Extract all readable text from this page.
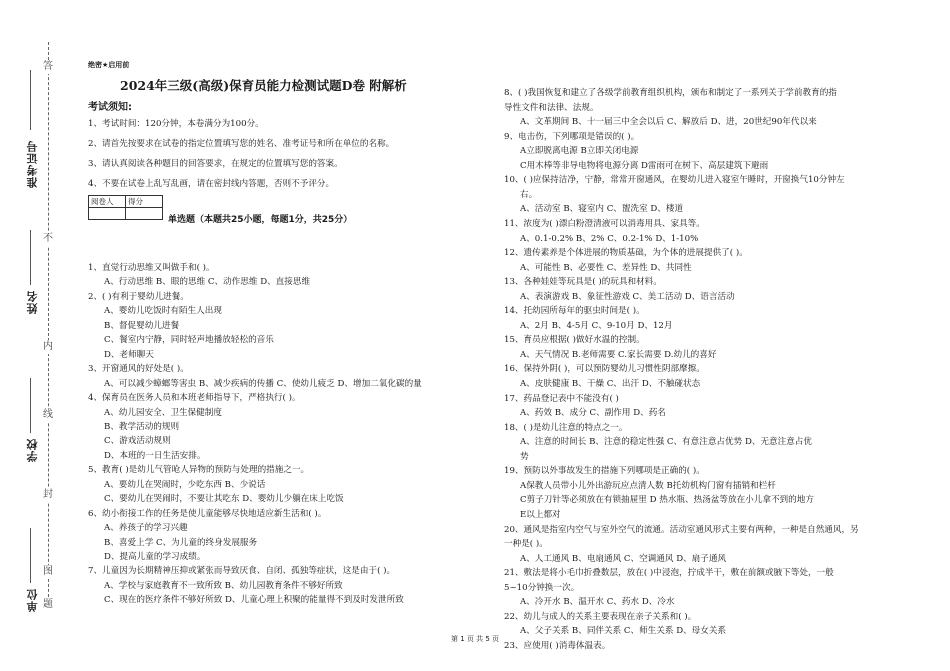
答
不
内
线
封
图
题
准考证号
姓名
学校
单位
绝密★启用前
2024年三级(高级)保育员能力检测试题D卷 附解析
考试须知:
1、考试时间：120分钟，本卷满分为100分。
2、请首先按要求在试卷的指定位置填写您的姓名、准考证号和所在单位的名称。
3、请认真阅读各种题目的回答要求，在规定的位置填写您的答案。
4、不要在试卷上乱写乱画，请在密封线内答题，否则不予评分。
阅卷人	得分

单选题（本题共25小题，每题1分，共25分）
1、直觉行动思维又叫做手和( )。
A、行动思维 B、眼的思维 C、动作思维 D、直接思维
2、( )有利于婴幼儿进餐。
A、婴幼儿吃饭时有陌生人出现
B、督促婴幼儿进餐
C、餐室内宁静，同时轻声地播放轻松的音乐
D、老师聊天
3、开窗通风的好处是( )。
A、可以减少蟑螂等害虫 B、减少疾病的传播 C、使幼儿疲乏 D、增加二氧化碳的量
4、保育员在医务人员和本班老师指导下，严格执行( )。
A、幼儿园安全、卫生保健制度
B、教学活动的规则
C、游戏活动规则
D、本班的一日生活安排。
5、教育( )是幼儿气管呛人异物的预防与处理的措施之一。
A、要幼儿在哭闹时，少吃东西 B、少说话
C、要幼儿在哭闹时，不要让其吃东 D、婴幼儿少躺在床上吃饭
6、幼小衔接工作的任务是使儿童能够尽快地适应新生活和( )。
A、养孩子的学习兴趣
B、喜爱上学 C、为儿童的终身发展服务
D、提高儿童的学习成绩。
7、儿童因为长期精神压抑或紧张而导致厌食、自闭、孤独等症状，这是由于( )。
A、学校与家庭教育不一致所致 B、幼儿园教育条件不够好所致
C、现在的医疗条件不够好所致 D、儿童心理上积聚的能量得不到及时发泄所致
8、( )我国恢复和建立了各级学前教育组织机构，颁布和制定了一系列关于学前教育的指
导性文件和法律、法规。
A、文革期间 B、十一届三中全会以后 C、解放后 D、进，20世纪90年代以来
9、电击伤，下列哪项是错误的( )。
A立即脱离电源 B立即关闭电源
C用木棒等非导电物将电源分离 D雷雨可在树下、高层建筑下避雨
10、( )应保持洁净，宁静，常常开窗通风，在婴幼儿进入寝室午睡时，开窗换气10分钟左
右。
A、活动室 B、寝室内 C、盥洗室 D、楼道
11、浓度为( )漂白粉澄清液可以消毒用具、家具等。
A、0.1-0.2% B、2% C、0.2-1% D、1-10%
12、遗传素养是个体进展的物质基础，为个体的进展提供了( )。
A、可能性 B、必要性 C、差异性 D、共同性
13、各种娃娃等玩具是( )的玩具和材料。
A、表演游戏 B、象征性游戏 C、美工活动 D、语言活动
14、托幼园所每年的驱虫时间是( )。
A、2月 B、4-5月 C、9-10月 D、12月
15、育员应根据( )做好水温的控制。
A、天气情况 B.老师需要 C.家长需要 D.幼儿的喜好
16、保持外阴( )，可以预防婴幼儿习惯性阴部摩擦。
A、皮肤健康 B、干燥 C、出汗 D、不触碰状态
17、药品登记表中不能没有( )
A、药效 B、成分 C、副作用 D、药名
18、( )是幼儿注意的特点之一。
A、注意的时间长 B、注意的稳定性强 C、有意注意占优势 D、无意注意占优
势
19、预防以外事故发生的措施下列哪项是正确的( )。
A保教人员带小儿外出游玩应点清人数 B托幼机构门窗有插销和栏杆
C剪子刀针等必须放在有锁抽屉里 D 热水瓶、热汤盆等放在小儿拿不到的地方
E以上都对
20、通风是指室内空气与室外空气的流通。活动室通风形式主要有两种，一种是自然通风，另
一种是( )。
A、人工通风 B、电扇通风 C、空调通风 D、扇子通风
21、敷法是将小毛巾折叠数层，放在( )中浸泡，拧成半干，敷在前额或腋下等处，一般
5~10分钟换一次。
A、冷开水 B、温开水 C、药水 D、冷水
22、幼儿与成人的关系主要表现在亲子关系和( )。
A、父子关系 B、同伴关系 C、师生关系 D、母女关系
23、应使用( )消毒体温表。
第 1 页 共 5 页
